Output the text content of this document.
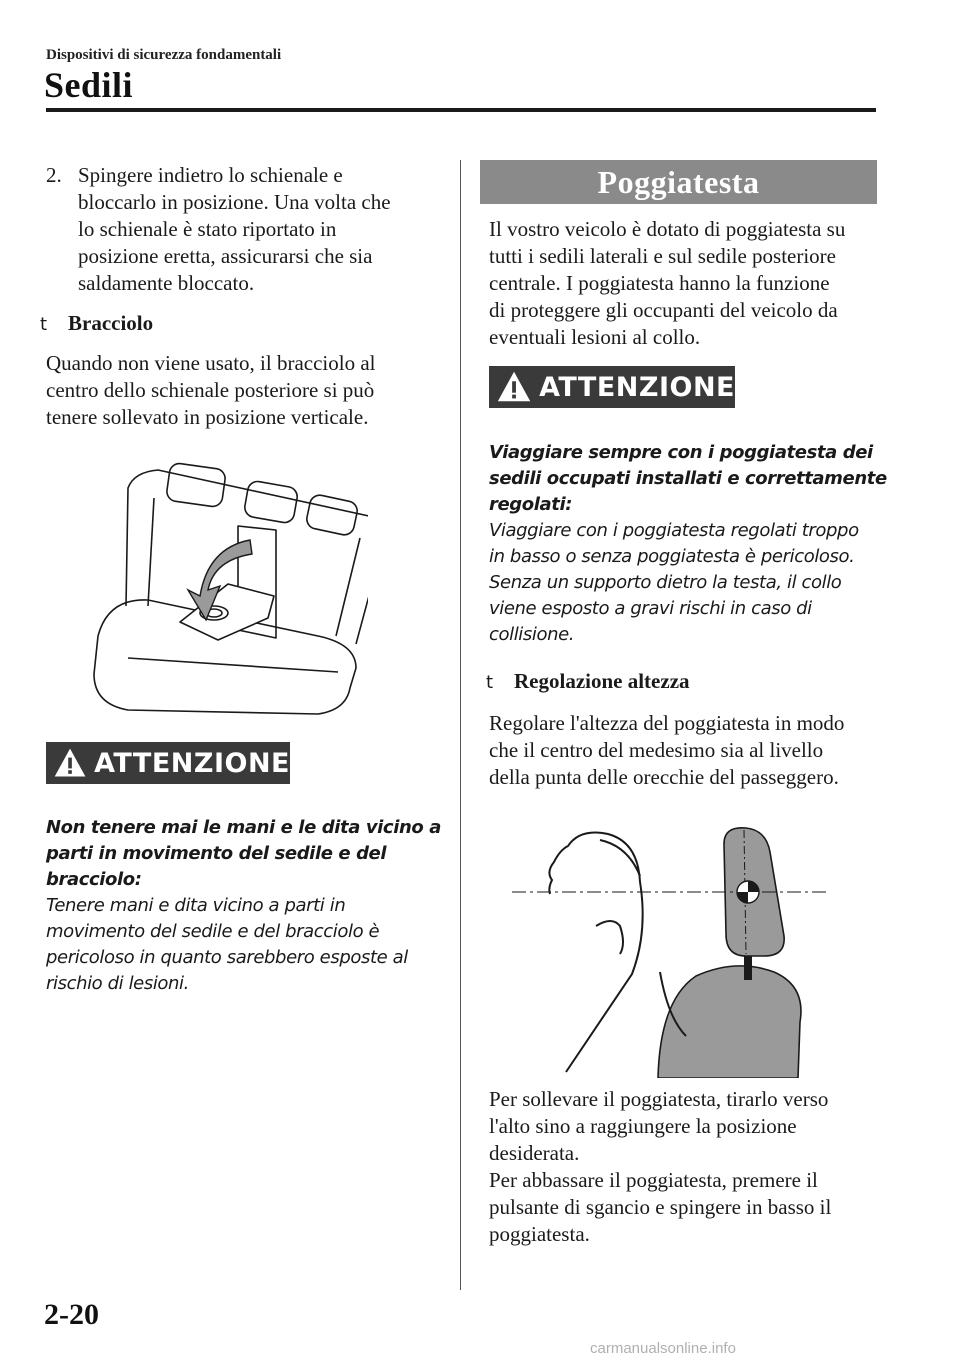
Dispositivi di sicurezza fondamentali
Sedili
2. Spingere indietro lo schienale e
bloccarlo in posizione. Una volta che
lo schienale è stato riportato in
posizione eretta, assicurarsi che sia
saldamente bloccato.
t Bracciolo
Quando non viene usato, il bracciolo al
centro dello schienale posteriore si può
tenere sollevato in posizione verticale.
ATTENZIONE
Non tenere mai le mani e le dita vicino a
parti in movimento del sedile e del
bracciolo:
Tenere mani e dita vicino a parti in
movimento del sedile e del bracciolo è
pericoloso in quanto sarebbero esposte al
rischio di lesioni.
Poggiatesta
Il vostro veicolo è dotato di poggiatesta su
tutti i sedili laterali e sul sedile posteriore
centrale. I poggiatesta hanno la funzione
di proteggere gli occupanti del veicolo da
eventuali lesioni al collo.
ATTENZIONE
Viaggiare sempre con i poggiatesta dei
sedili occupati installati e correttamente
regolati:
Viaggiare con i poggiatesta regolati troppo
in basso o senza poggiatesta è pericoloso.
Senza un supporto dietro la testa, il collo
viene esposto a gravi rischi in caso di
collisione.
t Regolazione altezza
Regolare l'altezza del poggiatesta in modo
che il centro del medesimo sia al livello
della punta delle orecchie del passeggero.
Per sollevare il poggiatesta, tirarlo verso
l'alto sino a raggiungere la posizione
desiderata.
Per abbassare il poggiatesta, premere il
pulsante di sgancio e spingere in basso il
poggiatesta.
2-20
carmanualsonline.info
